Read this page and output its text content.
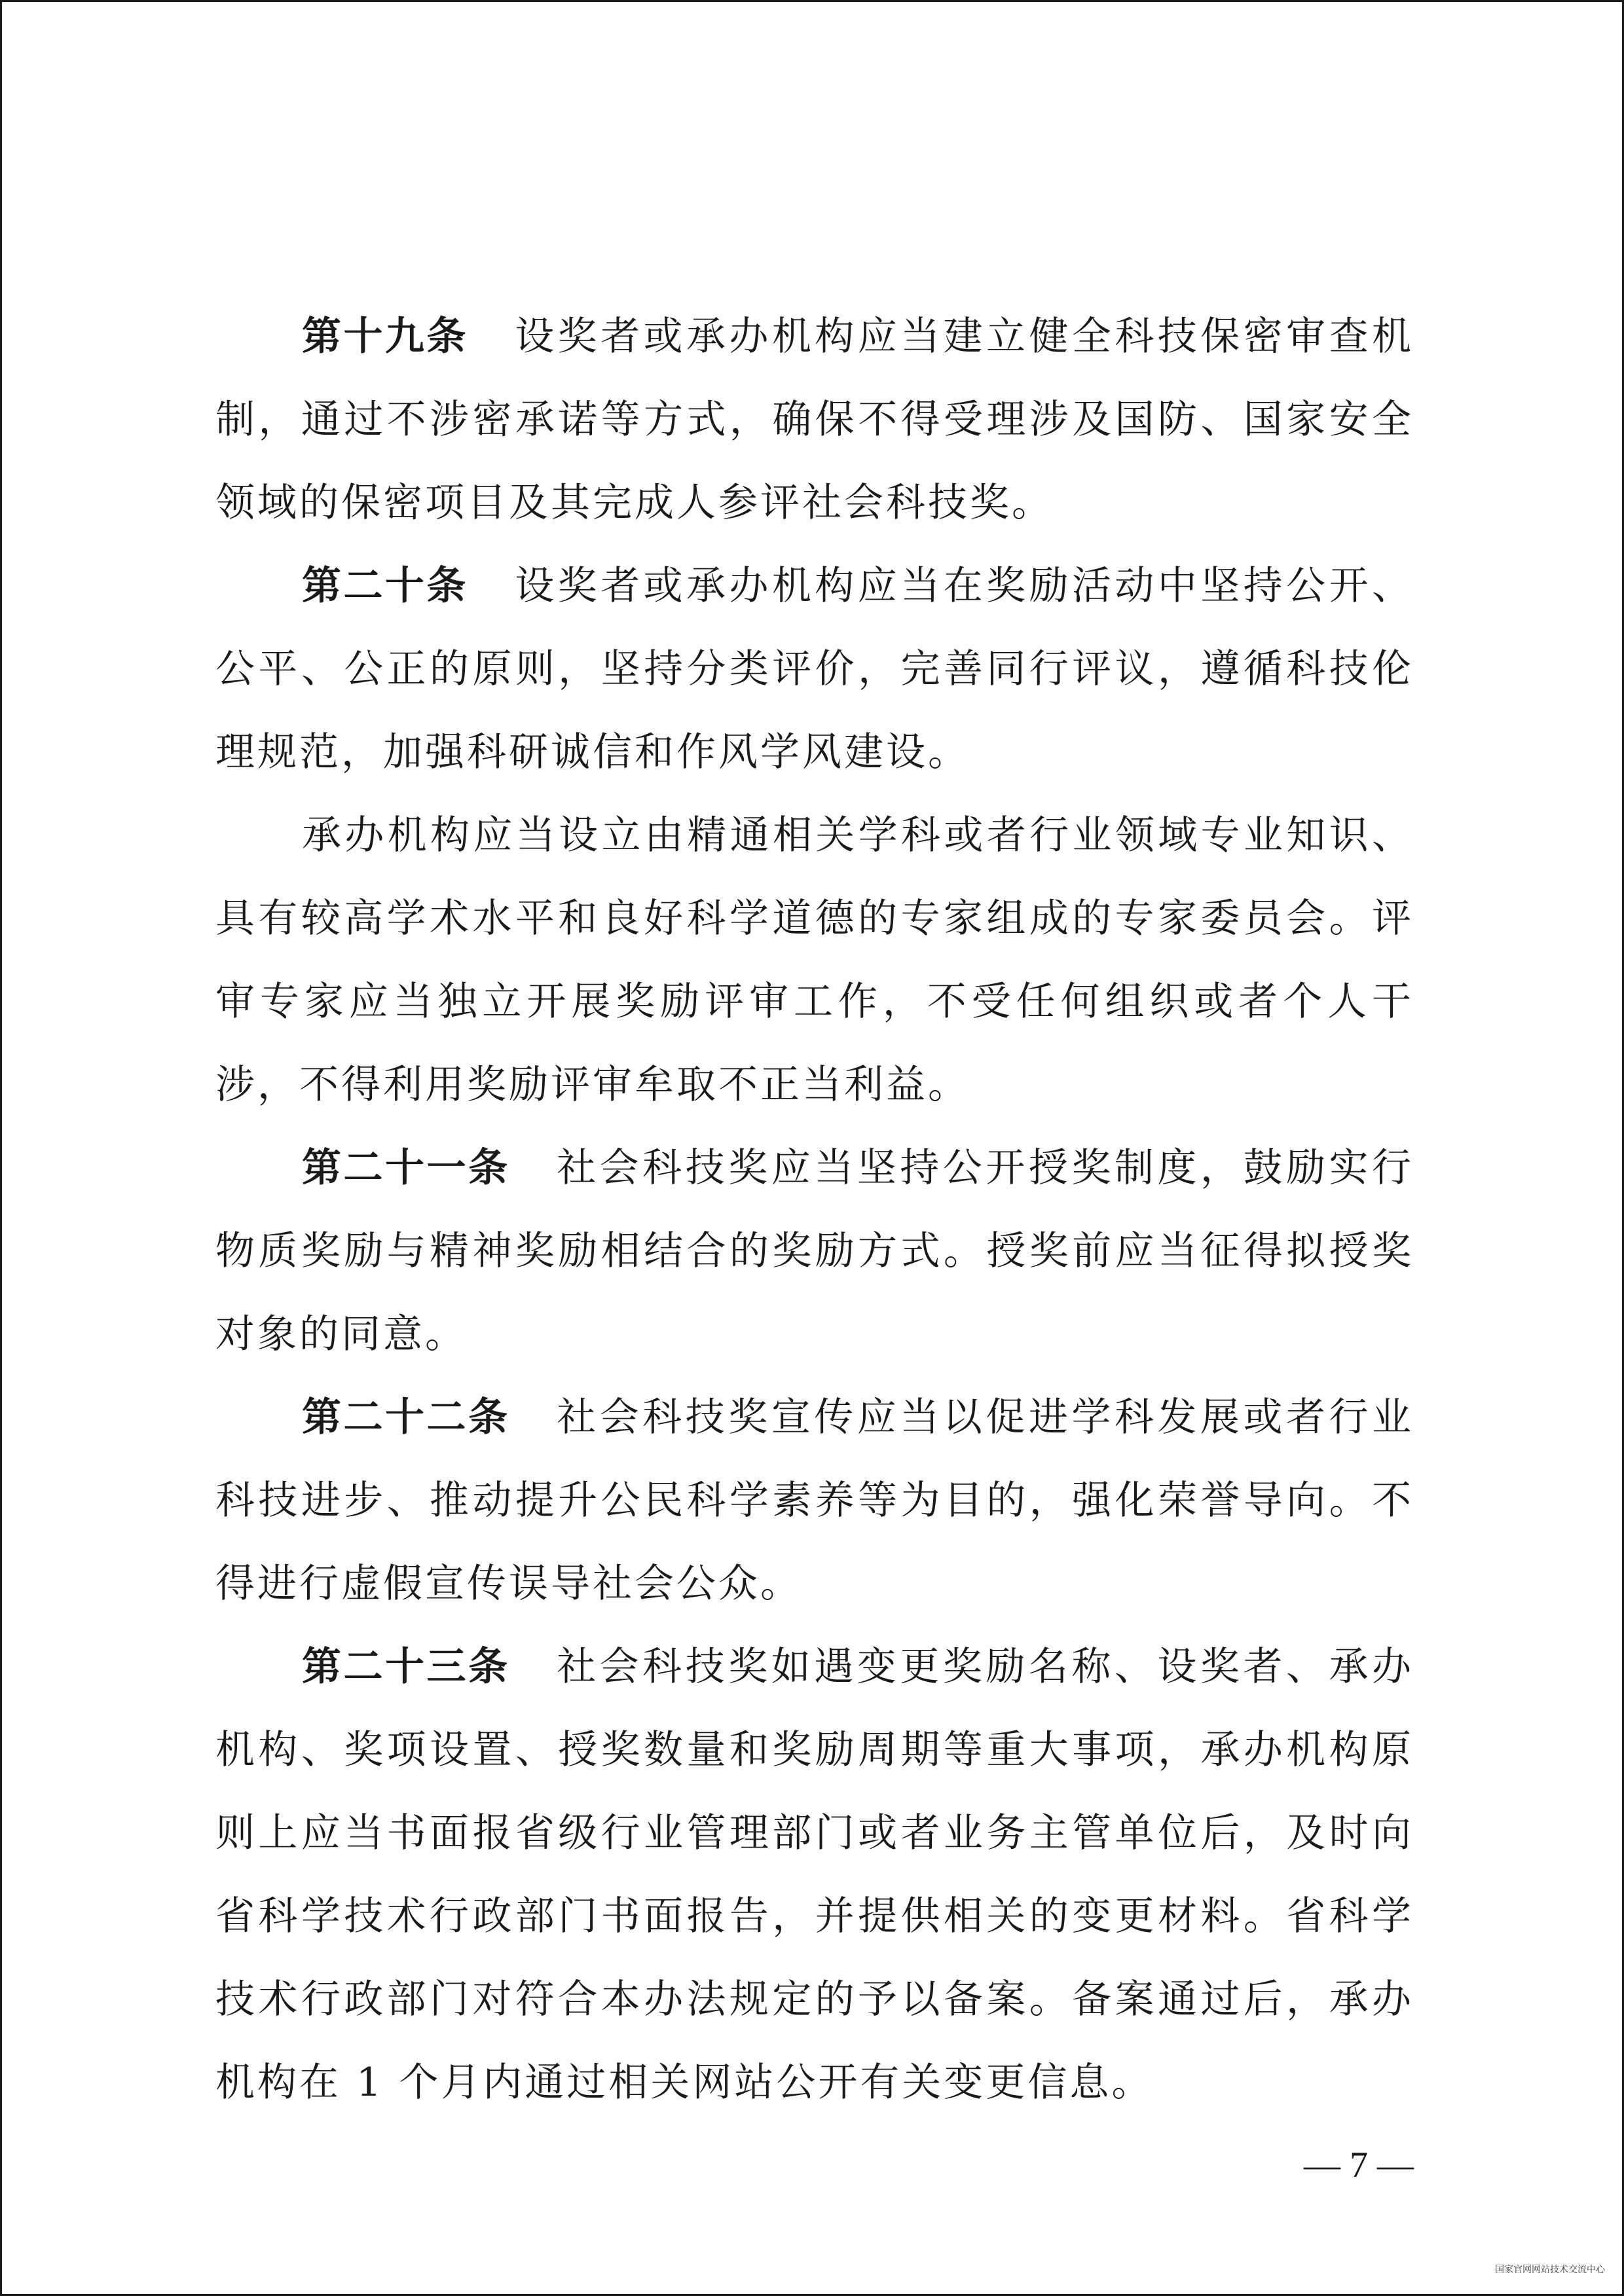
第十九条 设奖者或承办机构应当建立健全科技保密审查机制，通过不涉密承诺等方式，确保不得受理涉及国防、国家安全领域的保密项目及其完成人参评社会科技奖。

第二十条 设奖者或承办机构应当在奖励活动中坚持公开、公平、公正的原则，坚持分类评价，完善同行评议，遵循科技伦理规范，加强科研诚信和作风学风建设。

承办机构应当设立由精通相关学科或者行业领域专业知识、具有较高学术水平和良好科学道德的专家组成的专家委员会。评审专家应当独立开展奖励评审工作，不受任何组织或者个人干涉，不得利用奖励评审牟取不正当利益。

第二十一条 社会科技奖应当坚持公开授奖制度，鼓励实行物质奖励与精神奖励相结合的奖励方式。授奖前应当征得拟授奖对象的同意。

第二十二条 社会科技奖宣传应当以促进学科发展或者行业科技进步、推动提升公民科学素养等为目的，强化荣誉导向。不得进行虚假宣传误导社会公众。

第二十三条 社会科技奖如遇变更奖励名称、设奖者、承办机构、奖项设置、授奖数量和奖励周期等重大事项，承办机构原则上应当书面报省级行业管理部门或者业务主管单位后，及时向省科学技术行政部门书面报告，并提供相关的变更材料。省科学技术行政部门对符合本办法规定的予以备案。备案通过后，承办机构在 1 个月内通过相关网站公开有关变更信息。

— 7 —
国家官网网站技术交流中心
